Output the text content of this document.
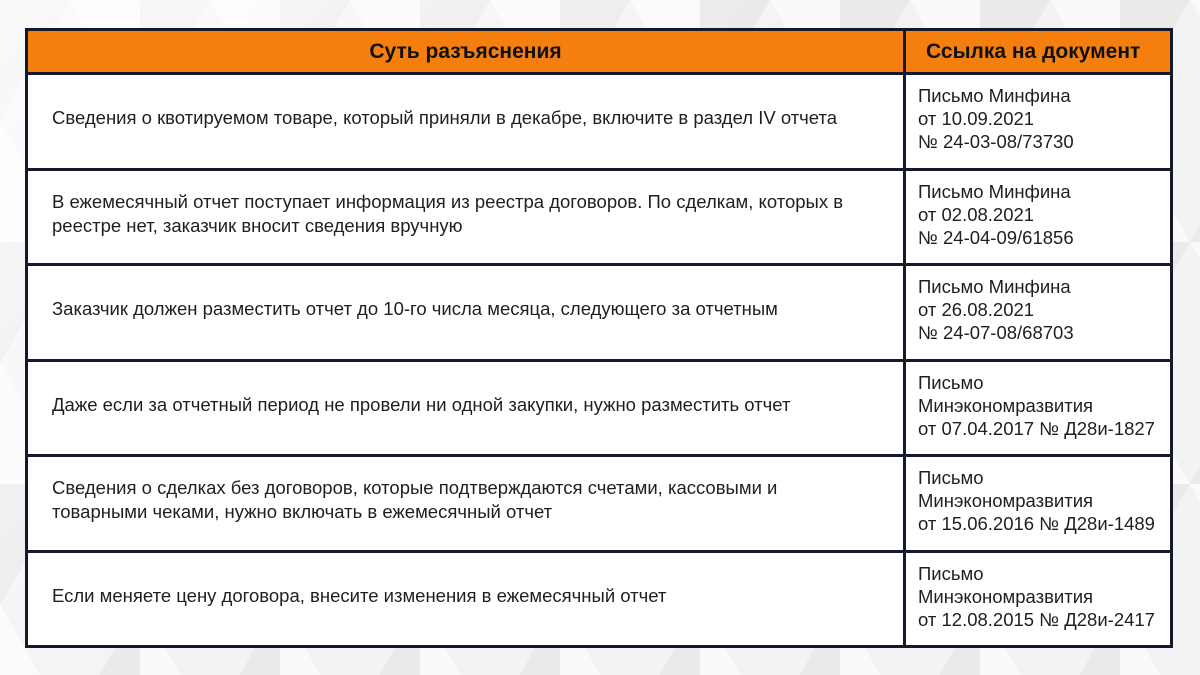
Суть разъяснения	Ссылка на документ
Сведения о квотируемом товаре, который приняли в декабре, включите в раздел IV отчета
Письмо Минфина
от 10.09.2021
№ 24-03-08/73730
В ежемесячный отчет поступает информация из реестра договоров. По сделкам, которых в реестре нет, заказчик вносит сведения вручную
Письмо Минфина
от 02.08.2021
№ 24-04-09/61856
Заказчик должен разместить отчет до 10-го числа месяца, следующего за отчетным
Письмо Минфина
от 26.08.2021
№ 24-07-08/68703
Даже если за отчетный период не провели ни одной закупки, нужно разместить отчет
Письмо
Минэкономразвития
от 07.04.2017 № Д28и-1827
Сведения о сделках без договоров, которые подтверждаются счетами, кассовыми и товарными чеками, нужно включать в ежемесячный отчет
Письмо
Минэкономразвития
от 15.06.2016 № Д28и-1489
Если меняете цену договора, внесите изменения в ежемесячный отчет
Письмо
Минэкономразвития
от 12.08.2015 № Д28и-2417
